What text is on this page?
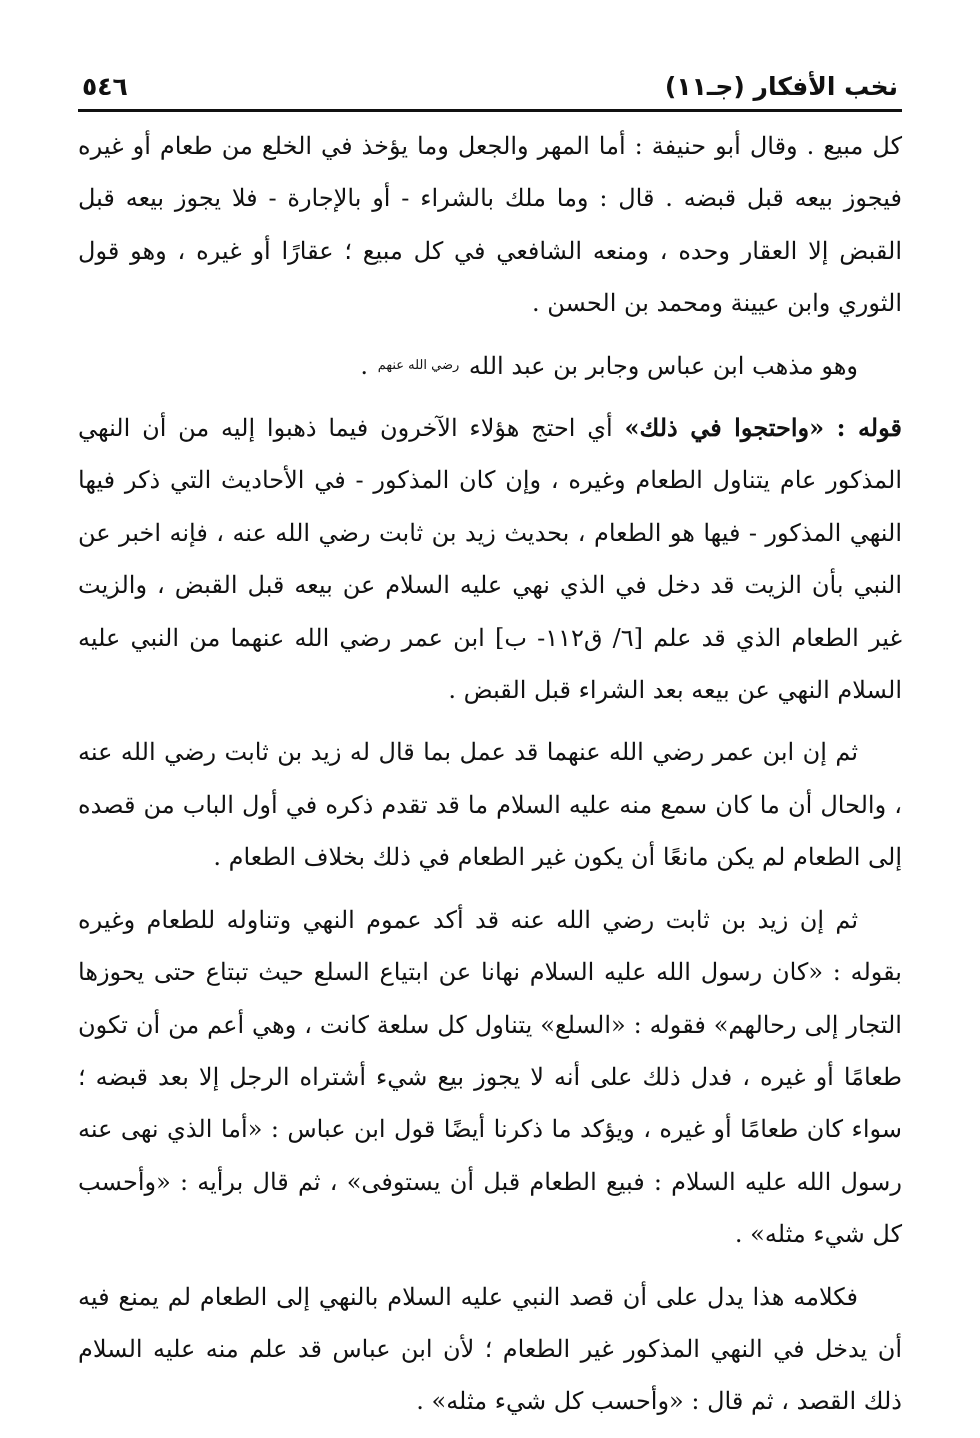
نخب الأفكار (جـ١١)
٥٤٦

كل مبيع . وقال أبو حنيفة : أما المهر والجعل وما يؤخذ في الخلع من طعام أو غيره فيجوز بيعه قبل قبضه . قال : وما ملك بالشراء - أو بالإجارة - فلا يجوز بيعه قبل القبض إلا العقار وحده ، ومنعه الشافعي في كل مبيع ؛ عقارًا أو غيره ، وهو قول الثوري وابن عيينة ومحمد بن الحسن .

وهو مذهب ابن عباس وجابر بن عبد الله $^{رضي الله عنهم}$ .

قوله : «واحتجوا في ذلك» أي احتج هؤلاء الآخرون فيما ذهبوا إليه من أن النهي المذكور عام يتناول الطعام وغيره ، وإن كان المذكور - في الأحاديث التي ذكر فيها النهي المذكور - فيها هو الطعام ، بحديث زيد بن ثابت رضي الله عنه ، فإنه اخبر عن النبي بأن الزيت قد دخل في الذي نهي عليه السلام عن بيعه قبل القبض ، والزيت غير الطعام الذي قد علم [٦/ ق١١٢- ب] ابن عمر رضي الله عنهما من النبي عليه السلام النهي عن بيعه بعد الشراء قبل القبض .

ثم إن ابن عمر رضي الله عنهما قد عمل بما قال له زيد بن ثابت رضي الله عنه ، والحال أن ما كان سمع منه عليه السلام ما قد تقدم ذكره في أول الباب من قصده إلى الطعام لم يكن مانعًا أن يكون غير الطعام في ذلك بخلاف الطعام .

ثم إن زيد بن ثابت رضي الله عنه قد أكد عموم النهي وتناوله للطعام وغيره بقوله : «كان رسول الله عليه السلام نهانا عن ابتياع السلع حيث تبتاع حتى يحوزها التجار إلى رحالهم» فقوله : «السلع» يتناول كل سلعة كانت ، وهي أعم من أن تكون طعامًا أو غيره ، فدل ذلك على أنه لا يجوز بيع شيء أشتراه الرجل إلا بعد قبضه ؛ سواء كان طعامًا أو غيره ، ويؤكد ما ذكرنا أيضًا قول ابن عباس : «أما الذي نهى عنه رسول الله عليه السلام : فبيع الطعام قبل أن يستوفى» ، ثم قال برأيه : «وأحسب كل شيء مثله» .

فكلامه هذا يدل على أن قصد النبي عليه السلام بالنهي إلى الطعام لم يمنع فيه أن يدخل في النهي المذكور غير الطعام ؛ لأن ابن عباس قد علم منه عليه السلام ذلك القصد ، ثم قال : «وأحسب كل شيء مثله» .
